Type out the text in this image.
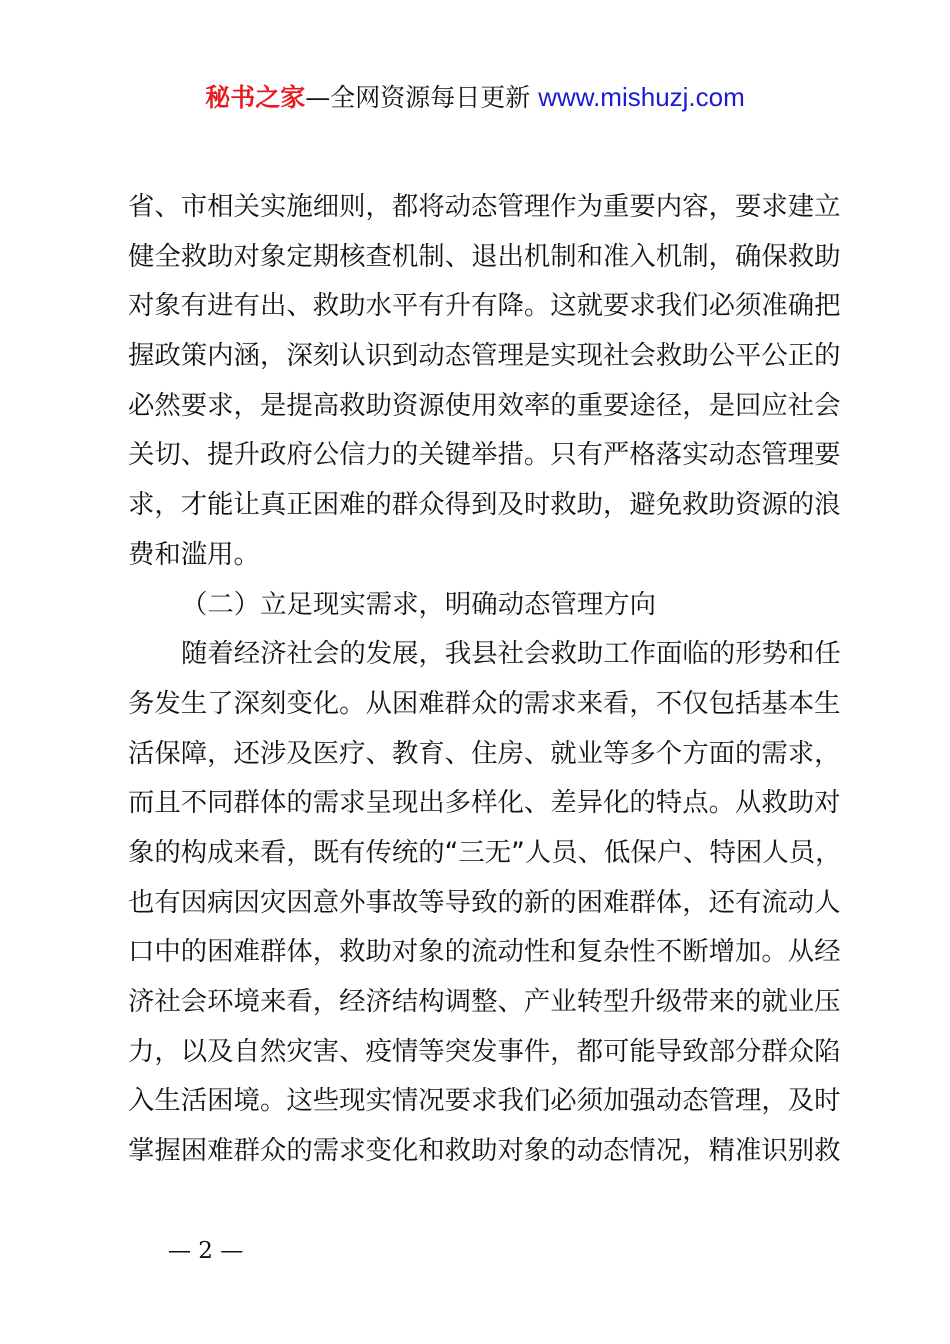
秘书之家—全网资源每日更新 www.mishuzj.com
省、市相关实施细则，都将动态管理作为重要内容，要求建立
健全救助对象定期核查机制、退出机制和准入机制，确保救助
对象有进有出、救助水平有升有降。这就要求我们必须准确把
握政策内涵，深刻认识到动态管理是实现社会救助公平公正的
必然要求，是提高救助资源使用效率的重要途径，是回应社会
关切、提升政府公信力的关键举措。只有严格落实动态管理要
求，才能让真正困难的群众得到及时救助，避免救助资源的浪
费和滥用。
（二）立足现实需求，明确动态管理方向
随着经济社会的发展，我县社会救助工作面临的形势和任
务发生了深刻变化。从困难群众的需求来看，不仅包括基本生
活保障，还涉及医疗、教育、住房、就业等多个方面的需求，
而且不同群体的需求呈现出多样化、差异化的特点。从救助对
象的构成来看，既有传统的“三无”人员、低保户、特困人员，
也有因病因灾因意外事故等导致的新的困难群体，还有流动人
口中的困难群体，救助对象的流动性和复杂性不断增加。从经
济社会环境来看，经济结构调整、产业转型升级带来的就业压
力，以及自然灾害、疫情等突发事件，都可能导致部分群众陷
入生活困境。这些现实情况要求我们必须加强动态管理，及时
掌握困难群众的需求变化和救助对象的动态情况，精准识别救
— 2 —
